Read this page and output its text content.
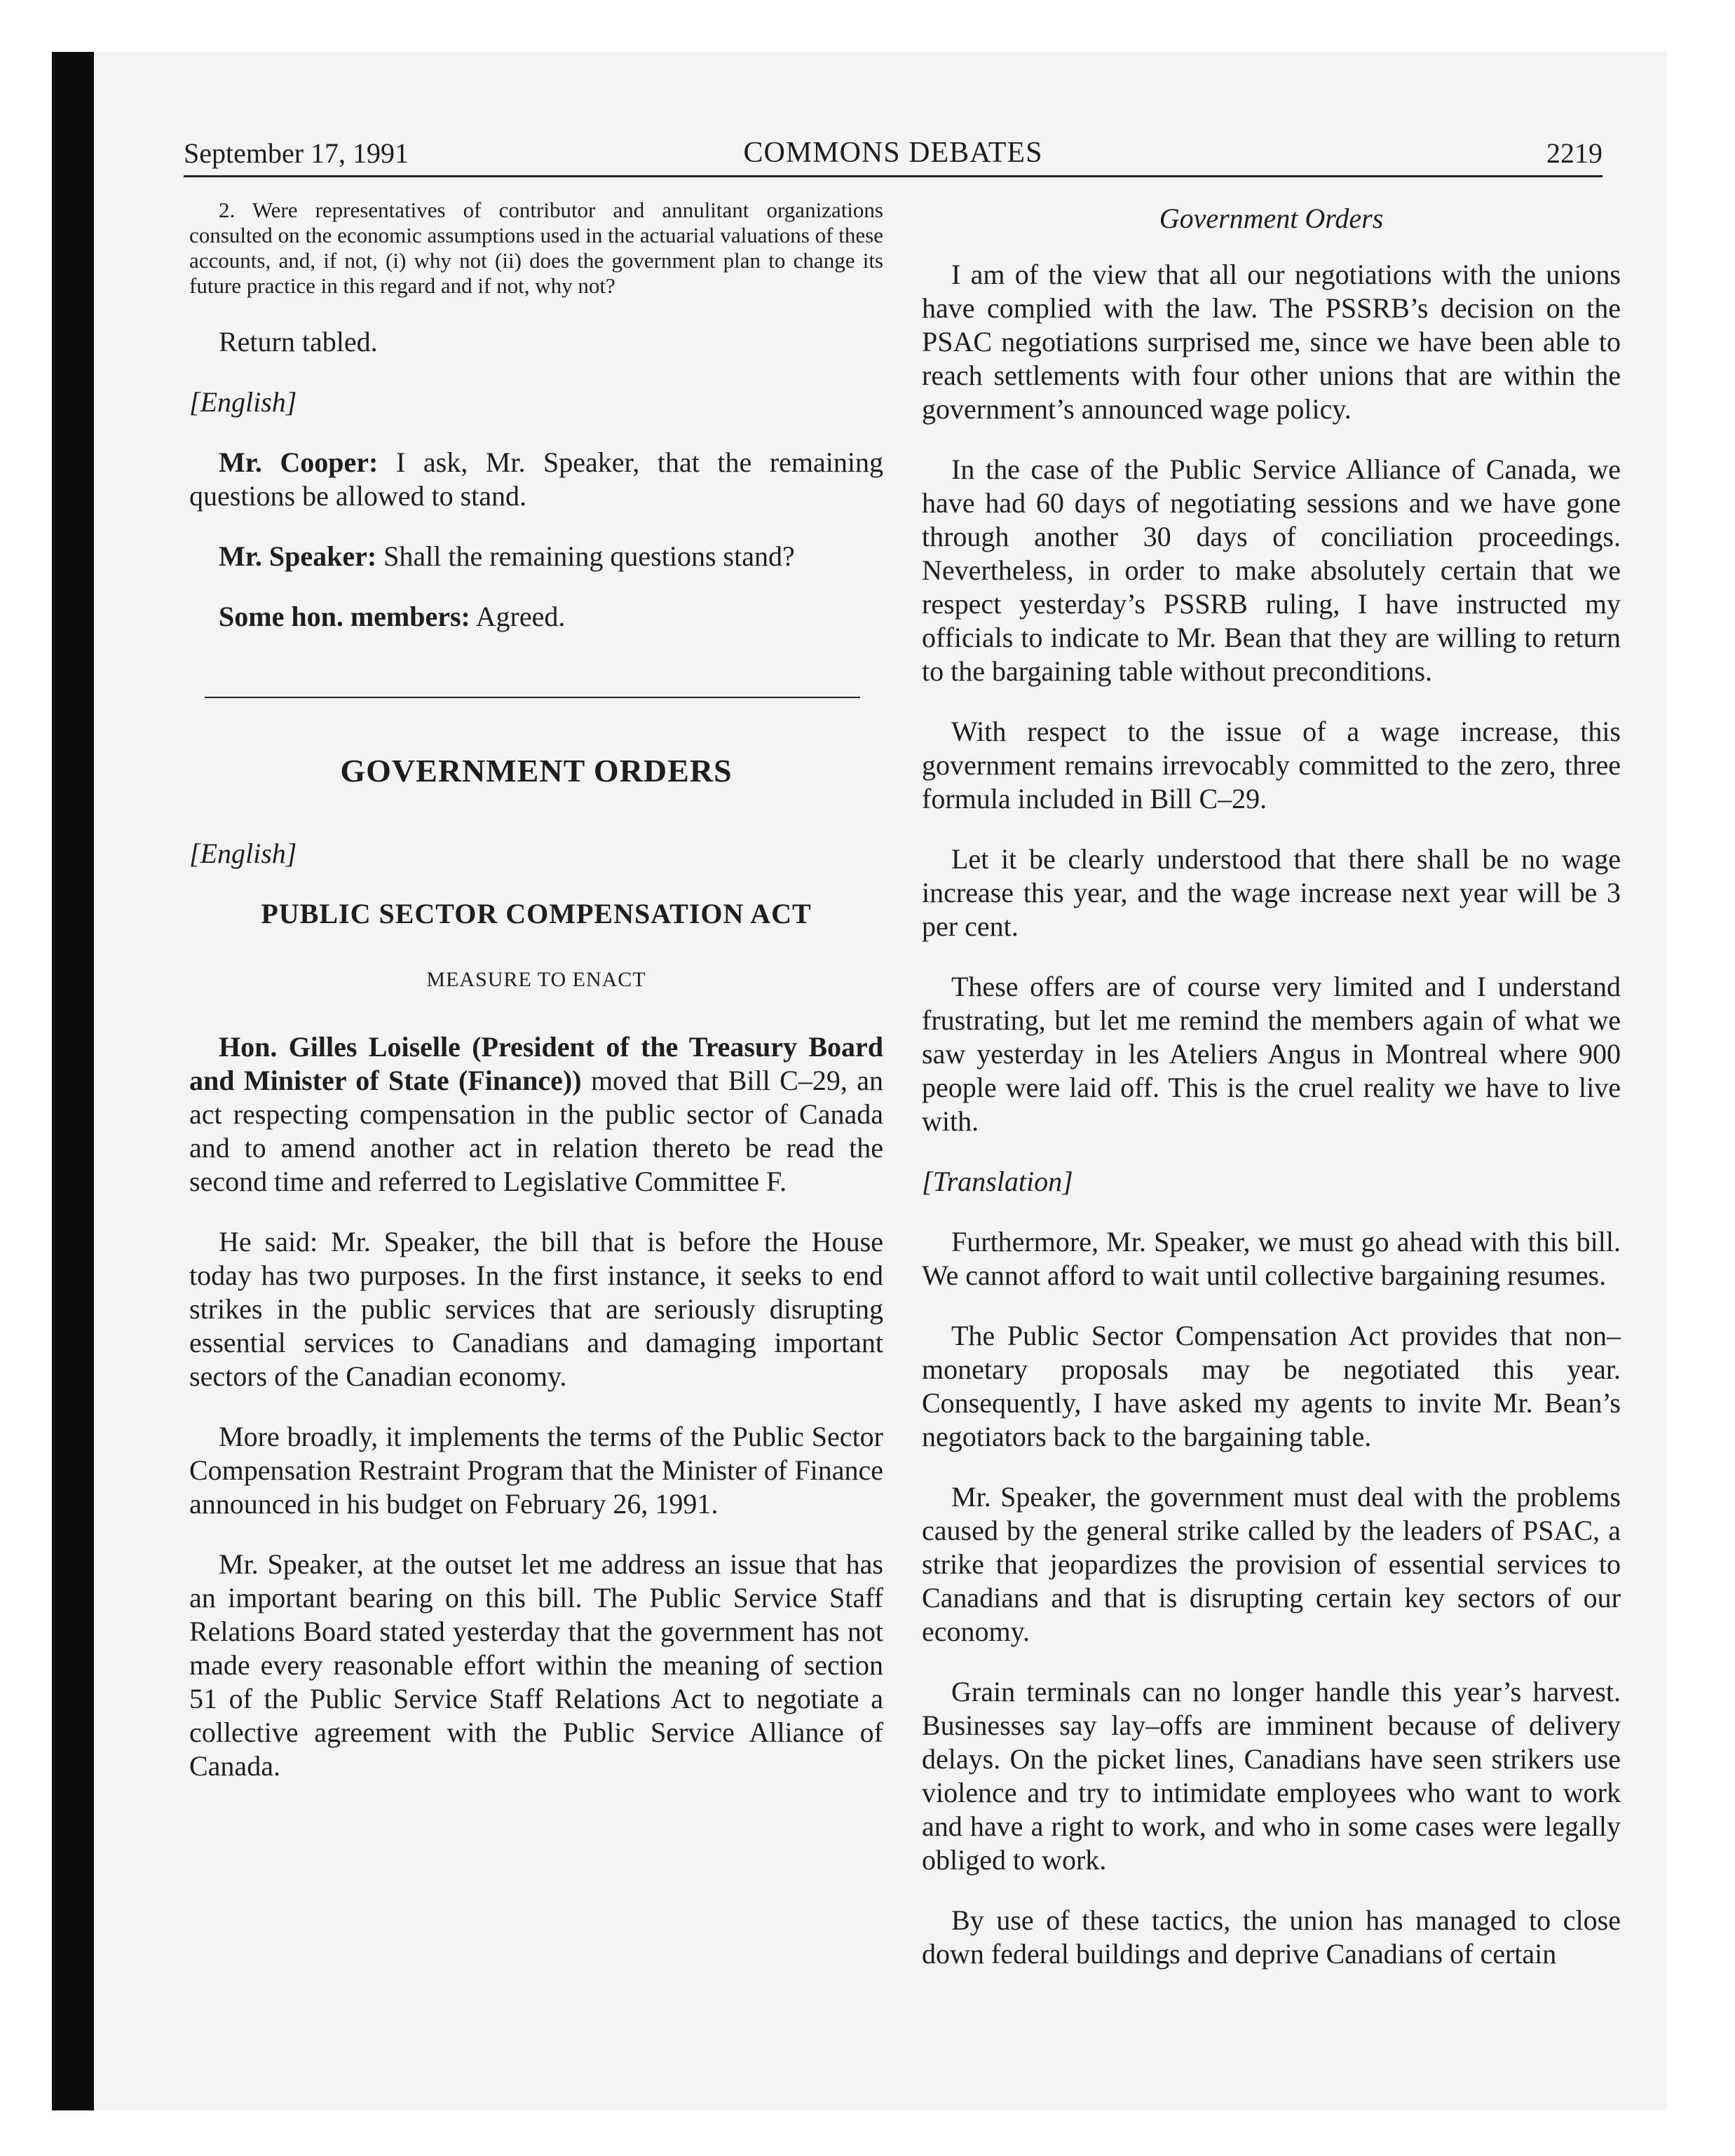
September 17, 1991	COMMONS DEBATES	2219

2. Were representatives of contributor and annulitant organizations consulted on the economic assumptions used in the actuarial valuations of these accounts, and, if not, (i) why not (ii) does the government plan to change its future practice in this regard and if not, why not?

Return tabled.

[English]

Mr. Cooper: I ask, Mr. Speaker, that the remaining questions be allowed to stand.

Mr. Speaker: Shall the remaining questions stand?

Some hon. members: Agreed.

GOVERNMENT ORDERS

[English]

PUBLIC SECTOR COMPENSATION ACT
MEASURE TO ENACT

Hon. Gilles Loiselle (President of the Treasury Board and Minister of State (Finance)) moved that Bill C–29, an act respecting compensation in the public sector of Canada and to amend another act in relation thereto be read the second time and referred to Legislative Committee F.

He said: Mr. Speaker, the bill that is before the House today has two purposes. In the first instance, it seeks to end strikes in the public services that are seriously disrupting essential services to Canadians and damaging important sectors of the Canadian economy.

More broadly, it implements the terms of the Public Sector Compensation Restraint Program that the Minister of Finance announced in his budget on February 26, 1991.

Mr. Speaker, at the outset let me address an issue that has an important bearing on this bill. The Public Service Staff Relations Board stated yesterday that the government has not made every reasonable effort within the meaning of section 51 of the Public Service Staff Relations Act to negotiate a collective agreement with the Public Service Alliance of Canada.

Government Orders

I am of the view that all our negotiations with the unions have complied with the law. The PSSRB’s decision on the PSAC negotiations surprised me, since we have been able to reach settlements with four other unions that are within the government’s announced wage policy.

In the case of the Public Service Alliance of Canada, we have had 60 days of negotiating sessions and we have gone through another 30 days of conciliation proceedings. Nevertheless, in order to make absolutely certain that we respect yesterday’s PSSRB ruling, I have instructed my officials to indicate to Mr. Bean that they are willing to return to the bargaining table without preconditions.

With respect to the issue of a wage increase, this government remains irrevocably committed to the zero, three formula included in Bill C–29.

Let it be clearly understood that there shall be no wage increase this year, and the wage increase next year will be 3 per cent.

These offers are of course very limited and I understand frustrating, but let me remind the members again of what we saw yesterday in les Ateliers Angus in Montreal where 900 people were laid off. This is the cruel reality we have to live with.

[Translation]

Furthermore, Mr. Speaker, we must go ahead with this bill. We cannot afford to wait until collective bargaining resumes.

The Public Sector Compensation Act provides that non–monetary proposals may be negotiated this year. Consequently, I have asked my agents to invite Mr. Bean’s negotiators back to the bargaining table.

Mr. Speaker, the government must deal with the problems caused by the general strike called by the leaders of PSAC, a strike that jeopardizes the provision of essential services to Canadians and that is disrupting certain key sectors of our economy.

Grain terminals can no longer handle this year’s harvest. Businesses say lay–offs are imminent because of delivery delays. On the picket lines, Canadians have seen strikers use violence and try to intimidate employees who want to work and have a right to work, and who in some cases were legally obliged to work.

By use of these tactics, the union has managed to close down federal buildings and deprive Canadians of certain
